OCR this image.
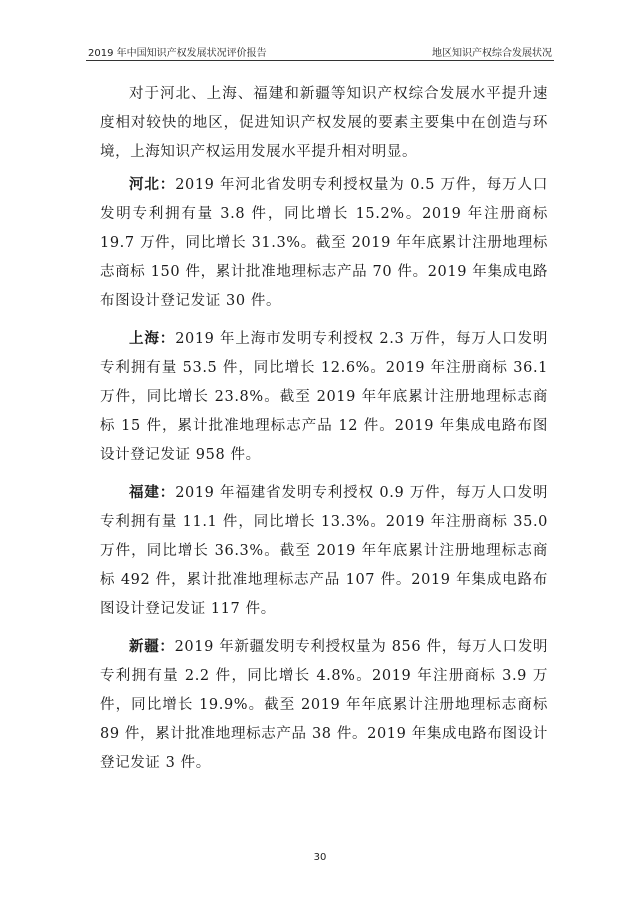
2019 年中国知识产权发展状况评价报告	地区知识产权综合发展状况

对于河北、上海、福建和新疆等知识产权综合发展水平提升速度相对较快的地区，促进知识产权发展的要素主要集中在创造与环境，上海知识产权运用发展水平提升相对明显。

河北：2019 年河北省发明专利授权量为 0.5 万件，每万人口发明专利拥有量 3.8 件，同比增长 15.2%。2019 年注册商标 19.7 万件，同比增长 31.3%。截至 2019 年年底累计注册地理标志商标 150 件，累计批准地理标志产品 70 件。2019 年集成电路布图设计登记发证 30 件。

上海：2019 年上海市发明专利授权 2.3 万件，每万人口发明专利拥有量 53.5 件，同比增长 12.6%。2019 年注册商标 36.1 万件，同比增长 23.8%。截至 2019 年年底累计注册地理标志商标 15 件，累计批准地理标志产品 12 件。2019 年集成电路布图设计登记发证 958 件。

福建：2019 年福建省发明专利授权 0.9 万件，每万人口发明专利拥有量 11.1 件，同比增长 13.3%。2019 年注册商标 35.0 万件，同比增长 36.3%。截至 2019 年年底累计注册地理标志商标 492 件，累计批准地理标志产品 107 件。2019 年集成电路布图设计登记发证 117 件。

新疆：2019 年新疆发明专利授权量为 856 件，每万人口发明专利拥有量 2.2 件，同比增长 4.8%。2019 年注册商标 3.9 万件，同比增长 19.9%。截至 2019 年年底累计注册地理标志商标 89 件，累计批准地理标志产品 38 件。2019 年集成电路布图设计登记发证 3 件。

30
